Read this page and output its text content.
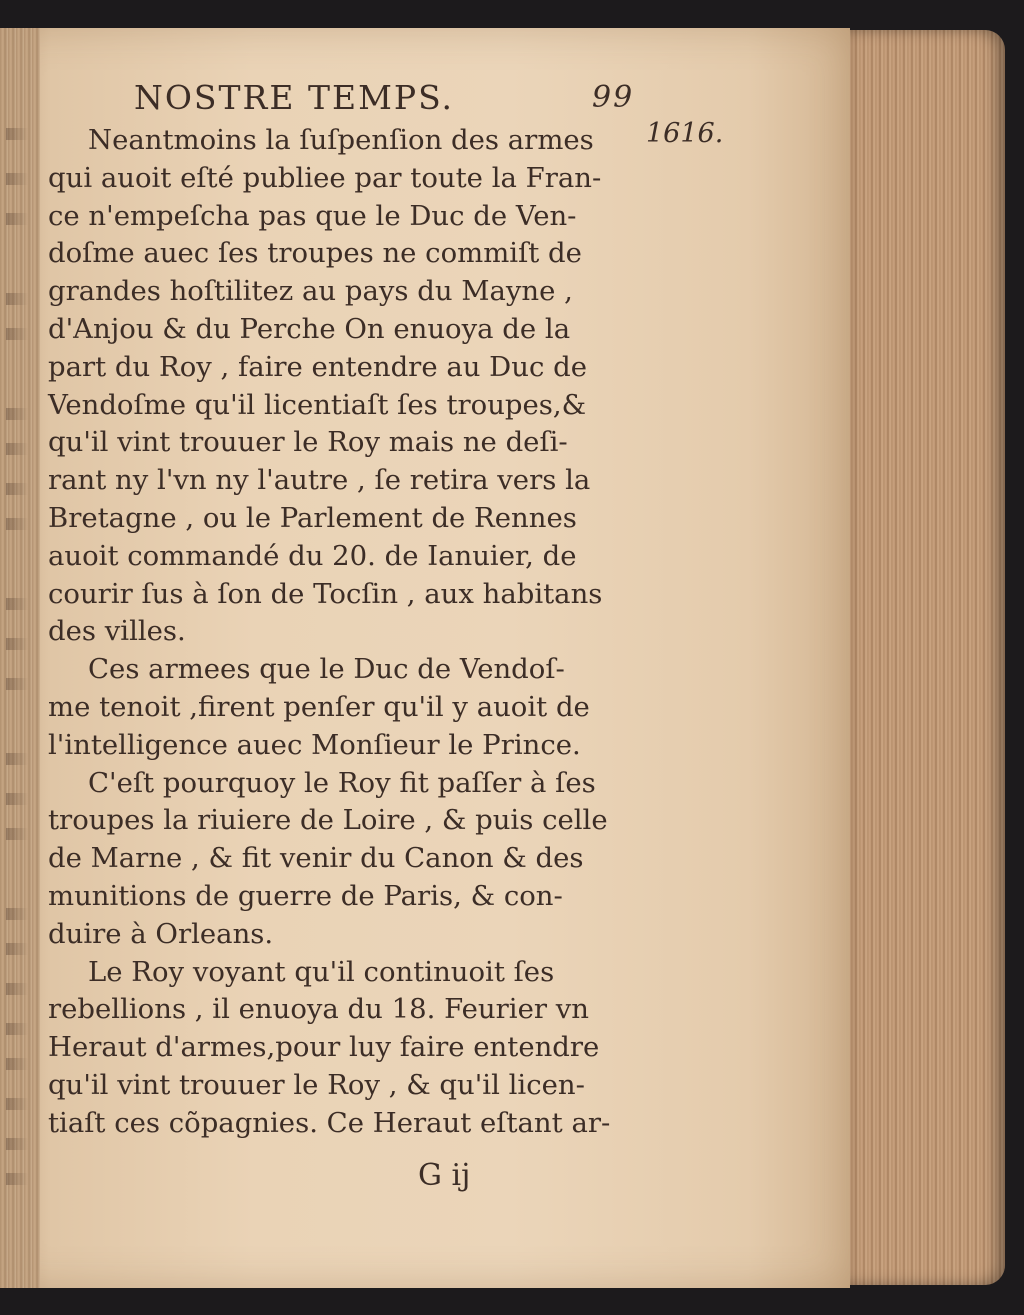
NOSTRE TEMPS.	99
Neantmoins la ſuſpenſion des armes
qui auoit eſté publiee par toute la Fran-
ce n'empeſcha pas que le Duc de Ven-
doſme auec ſes troupes ne commiſt de
grandes hoſtilitez au pays du Mayne ,
d'Anjou & du Perche On enuoya de la
part du Roy , faire entendre au Duc de
Vendoſme qu'il licentiaſt ſes troupes,&
qu'il vint trouuer le Roy mais ne deſi-
rant ny l'vn ny l'autre , ſe retira vers la
Bretagne , ou le Parlement de Rennes
auoit commandé du 20. de Ianuier, de
courir ſus à ſon de Tocſin , aux habitans
des villes.
Ces armees que le Duc de Vendoſ-
me tenoit ,firent penſer qu'il y auoit de
l'intelligence auec Monſieur le Prince.
C'eſt pourquoy le Roy fit paſſer à ſes
troupes la riuiere de Loire , & puis celle
de Marne , & fit venir du Canon & des
munitions de guerre de Paris, & con-
duire à Orleans.
Le Roy voyant qu'il continuoit ſes
rebellions , il enuoya du 18. Feurier vn
Heraut d'armes,pour luy faire entendre
qu'il vint trouuer le Roy , & qu'il licen-
tiaſt ces cõpagnies. Ce Heraut eſtant ar-
1616.
G ij
